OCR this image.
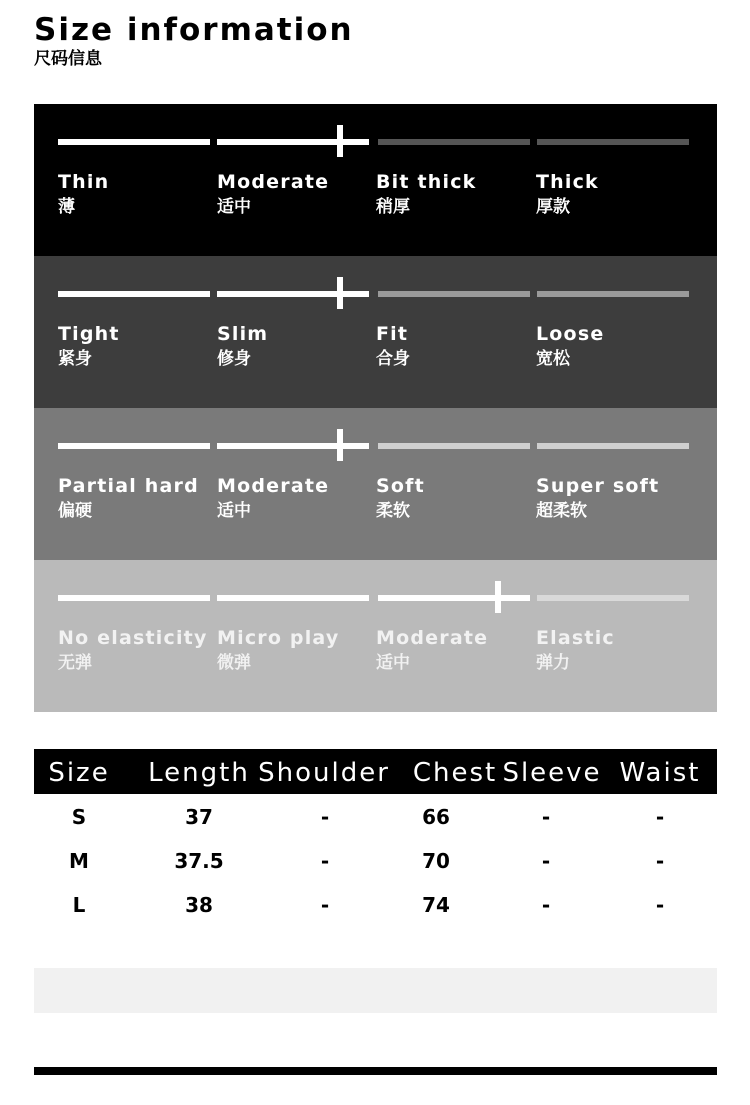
Size information
尺码信息
Thin
薄
Moderate
适中
Bit thick
稍厚
Thick
厚款
Tight
紧身
Slim
修身
Fit
合身
Loose
宽松
Partial hard
偏硬
Moderate
适中
Soft
柔软
Super soft
超柔软
No elasticity
无弹
Micro play
微弹
Moderate
适中
Elastic
弹力
Size	Length Shoulder Chest Sleeve Waist
S	37	-	66	-	-
M	37.5	-	70	-	-
L	38	-	74	-	-
